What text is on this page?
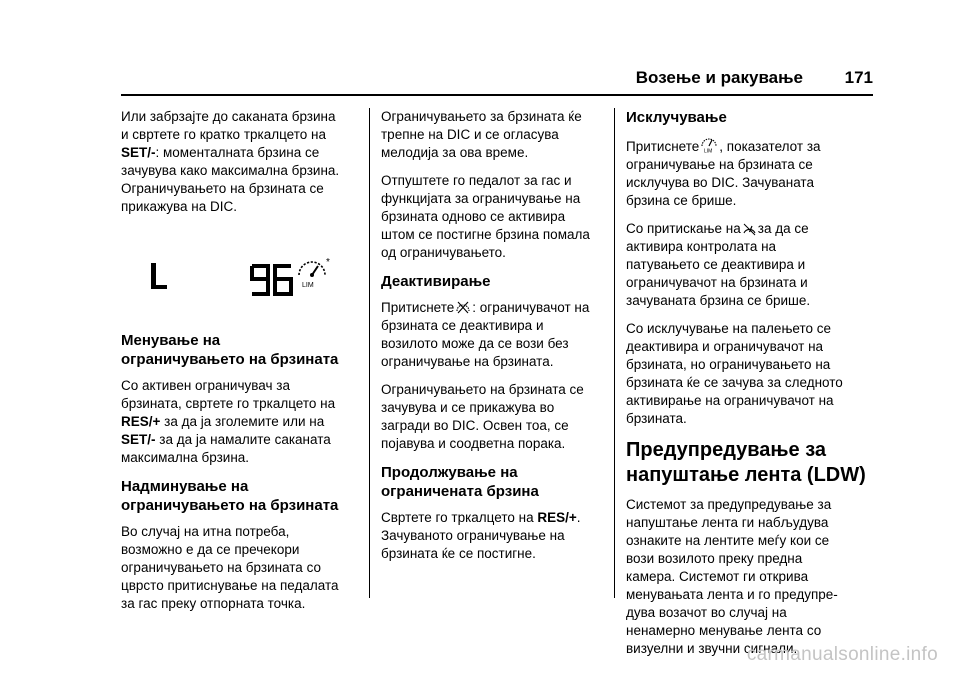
Возење и ракување 171

Или забрзајте до саканата брзина
и свртете го кратко тркалцето на
SET/-: моменталната брзина се
зачувува како максимална брзина.
Ограничувањето на брзината се
прикажува на DIC.

LIM
*
Менување на
ограничувањето на брзината

Со активен ограничувач за
брзината, свртете го тркалцето на
RES/+ за да ја зголемите или на
SET/- за да ја намалите саканата
максимална брзина.

Надминување на
ограничувањето на брзината

Во случај на итна потреба,
возможно е да се пречекори
ограничувањето на брзината со
цврсто притиснување на педалата
за гас преку отпорната точка.

Ограничувањето за брзината ќе
трепне на DIC и се огласува
мелодија за ова време.

Отпуштете го педалот за гас и
функцијата за ограничување на
брзината одново се активира
штом се постигне брзина помала
од ограничувањето.

Деактивирање

Притиснете : ограничувачот на
брзината се деактивира и
возилото може да се вози без
ограничување на брзината.

Ограничувањето на брзината се
зачувува и се прикажува во
загради во DIC. Освен тоа, се
појавува и соодветна порака.

Продолжување на
ограничената брзина

Свртете го тркалцето на RES/+.
Зачуваното ограничување на
брзината ќе се постигне.

Исклучување

Притиснете LIM , показателот за
ограничување на брзината се
исклучува во DIC. Зачуваната
брзина се брише.

Со притискање на за да се
активира контролата на
патувањето се деактивира и
ограничувачот на брзината и
зачуваната брзина се брише.

Со исклучување на палењето се
деактивира и ограничувачот на
брзината, но ограничувањето на
брзината ќе се зачува за следното
активирање на ограничувачот на
брзината.

Предупредување за
напуштање лента (LDW)

Системот за предупредување за
напуштање лента ги набљудува
ознаките на лентите меѓу кои се
вози возилото преку предна
камера. Системот ги открива
менувањата лента и го предупре-
дува возачот во случај на
ненамерно менување лента со
визуелни и звучни сигнали.

carmanualsonline.info
